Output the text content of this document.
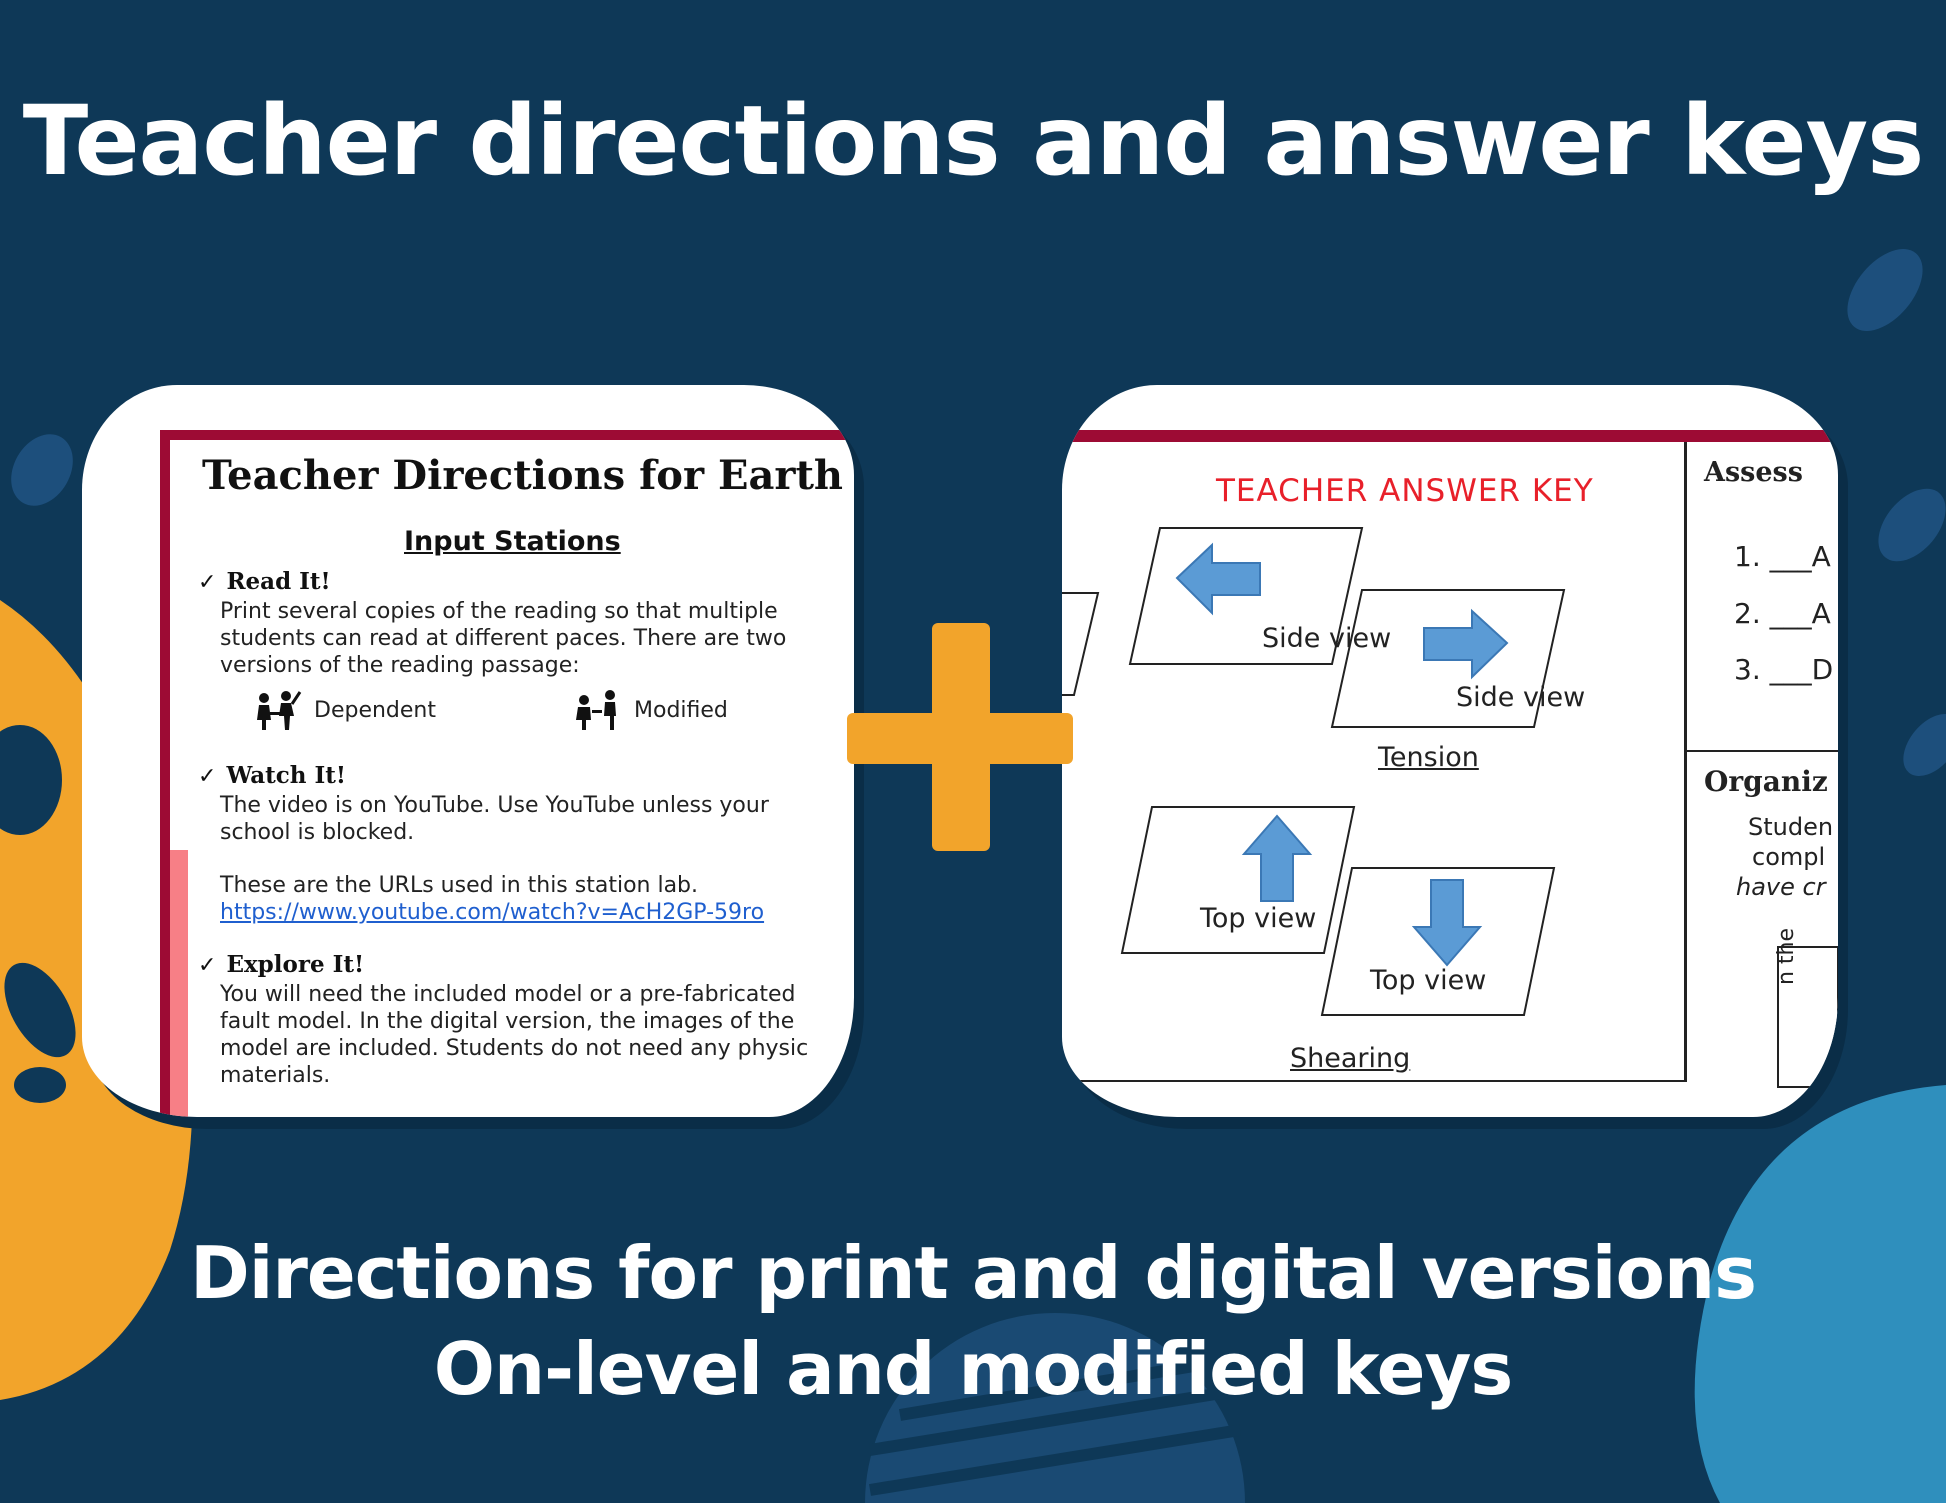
Teacher directions and answer keys
Teacher Directions for Earth
Input Stations
✓ Read It!
Print several copies of the reading so that multiple
students can read at different paces. There are two
versions of the reading passage:
Dependent	Modified
✓ Watch It!
The video is on YouTube. Use YouTube unless your
school is blocked.
These are the URLs used in this station lab.
https://www.youtube.com/watch?v=AcH2GP-59ro
✓ Explore It!
You will need the included model or a pre-fabricated
fault model. In the digital version, the images of the
model are included. Students do not need any physic
materials.
TEACHER ANSWER KEY
Side view
Side view
Tension
Top view
Top view
Shearing
Assess
1. ___A
2. ___A
3. ___D
Organiz
Studen
compl
have cr
n the
Directions for print and digital versions
On-level and modified keys
